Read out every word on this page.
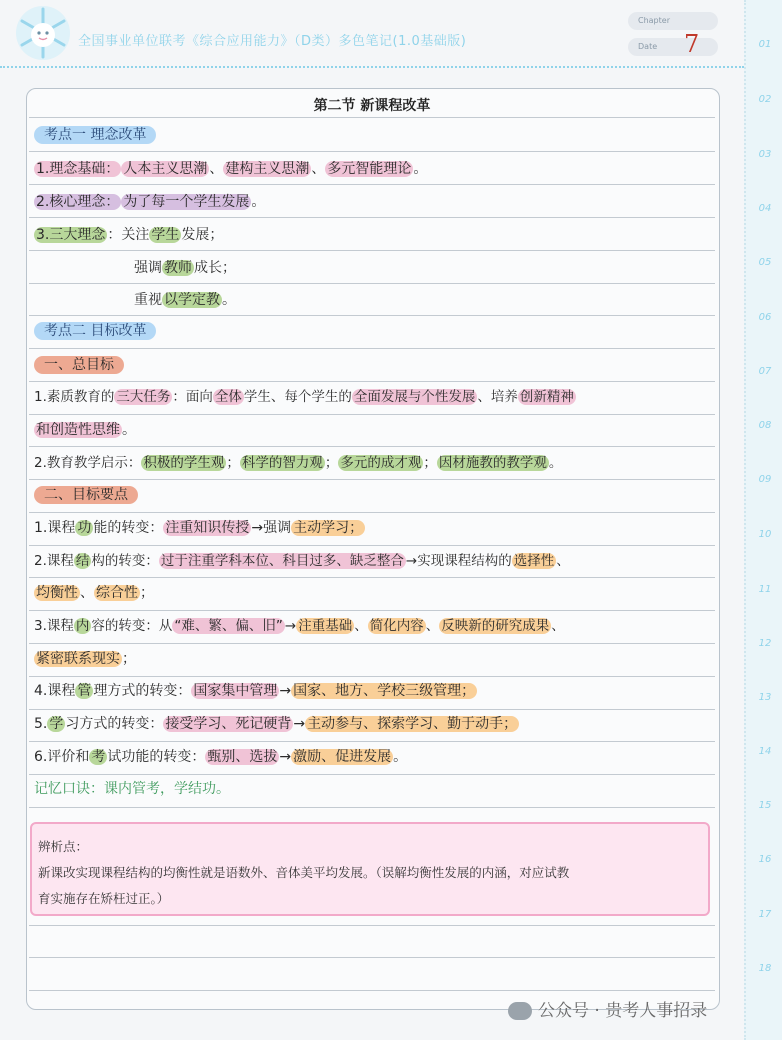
全国事业单位联考《综合应用能力》（D类）多色笔记(1.0基础版)
Chapter
Date	7	01
02
03
04
05
06
07
08
09
10
11
12
13
14
15
16
17
18
第二节 新课程改革
考点一 理念改革
1.理念基础： 人本主义思潮 、 建构主义思潮 、 多元智能理论 。
2.核心理念： 为了每一个学生发展 。
3.三大理念 ：关注 学生 发展；
强调 教师 成长；
重视 以学定教 。
考点二 目标改革
一、总目标
1.素质教育的 三大任务 ：面向 全体 学生、每个学生的 全面发展与个性发展 、培养 创新精神
和创造性思维 。
2.教育教学启示： 积极的学生观 ； 科学的智力观 ； 多元的成才观 ； 因材施教的教学观 。
二、目标要点
1.课程 功 能的转变： 注重知识传授 →强调 主动学习；
2.课程 结 构的转变： 过于注重学科本位、科目过多、缺乏整合 →实现课程结构的 选择性 、
均衡性 、 综合性 ；
3.课程 内 容的转变：从 “难、繁、偏、旧” → 注重基础 、 简化内容 、 反映新的研究成果 、
紧密联系现实 ；
4.课程 管 理方式的转变： 国家集中管理 → 国家、地方、学校三级管理；
5. 学 习方式的转变： 接受学习、死记硬背 → 主动参与、探索学习、勤于动手；
6.评价和 考 试功能的转变： 甄别、选拔 → 激励、促进发展 。
记忆口诀：课内管考，学结功。
辨析点：
新课改实现课程结构的均衡性就是语数外、音体美平均发展。（误解均衡性发展的内涵，对应试教
育实施存在矫枉过正。）
公众号 · 贵考人事招录
